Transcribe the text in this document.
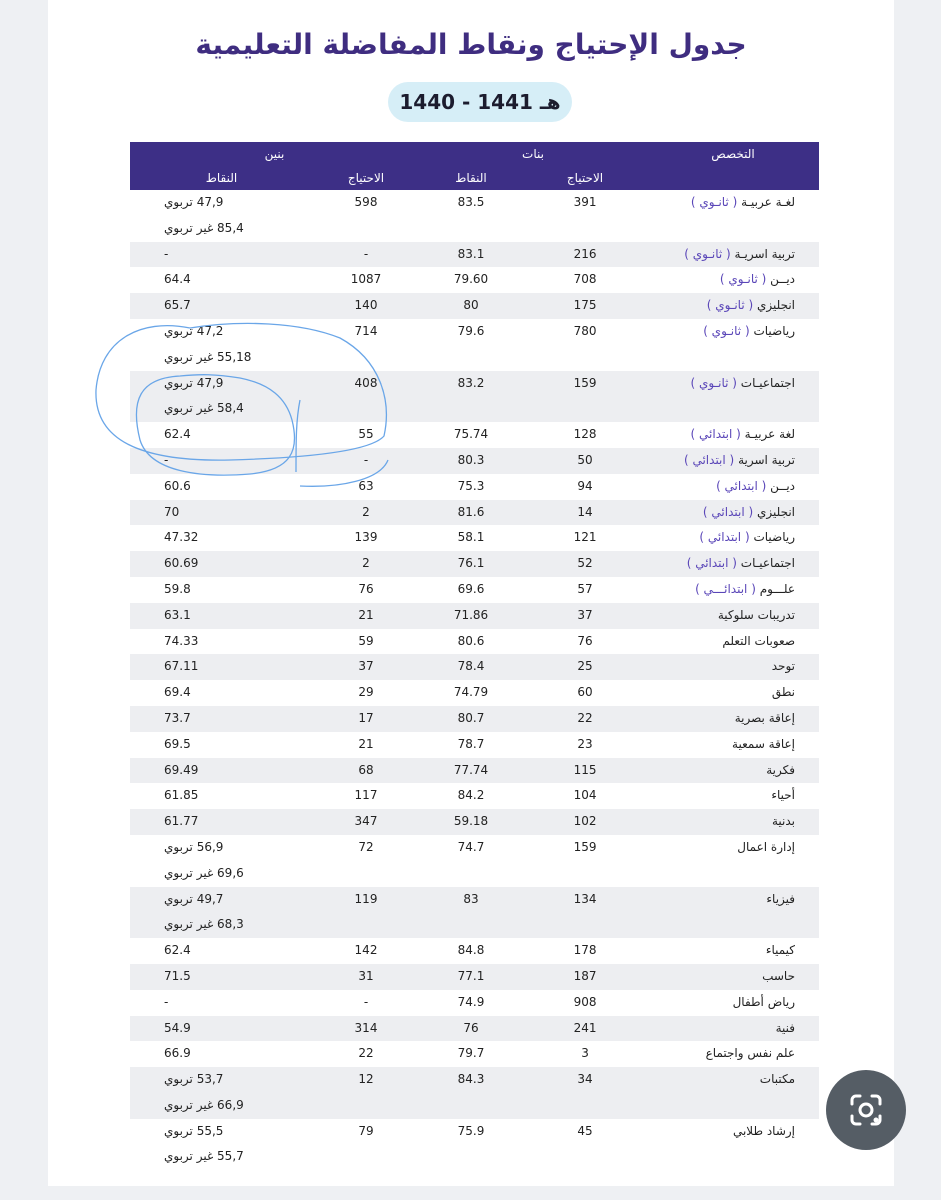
جدول الإحتياج ونقاط المفاضلة التعليمية
1440 - 1441 هـ
التخصص	بنات		بنين	
	الاحتياج	النقاط	الاحتياج	النقاط
لغـة عربيـة ( ثانـوي )	391	83.5	598	47,9 تربوي
85,4 غير تربوي

تربية اسريـة ( ثانـوي )	216	83.1	-	-

ديــن ( ثانـوي )	708	79.60	1087	64.4

انجليزي ( ثانـوي )	175	80	140	65.7

رياضيات ( ثانـوي )	780	79.6	714	47,2 تربوي
55,18 غير تربوي

اجتماعيـات ( ثانـوي )	159	83.2	408	47,9 تربوي
58,4 غير تربوي

لغة عربيـة ( ابتدائي )	128	75.74	55	62.4

تربية اسرية ( ابتدائي )	50	80.3	-	-

ديــن ( ابتدائي )	94	75.3	63	60.6

انجليزي ( ابتدائي )	14	81.6	2	70

رياضيات ( ابتدائي )	121	58.1	139	47.32

اجتماعيـات ( ابتدائي )	52	76.1	2	60.69

علـــوم ( ابتدائـــي )	57	69.6	76	59.8

تدريبات سلوكية	37	71.86	21	63.1

صعوبات التعلم	76	80.6	59	74.33

توحد	25	78.4	37	67.11

نطق	60	74.79	29	69.4

إعاقة بصرية	22	80.7	17	73.7

إعاقة سمعية	23	78.7	21	69.5

فكرية	115	77.74	68	69.49

أحياء	104	84.2	117	61.85

بدنية	102	59.18	347	61.77

إدارة اعمال	159	74.7	72	56,9 تربوي
69,6 غير تربوي

فيزياء	134	83	119	49,7 تربوي
68,3 غير تربوي

كيمياء	178	84.8	142	62.4

حاسب	187	77.1	31	71.5

رياض أطفال	908	74.9	-	-

فنية	241	76	314	54.9

علم نفس واجتماع	3	79.7	22	66.9

مكتبات	34	84.3	12	53,7 تربوي
66,9 غير تربوي

إرشاد طلابي	45	75.9	79	55,5 تربوي
55,7 غير تربوي
